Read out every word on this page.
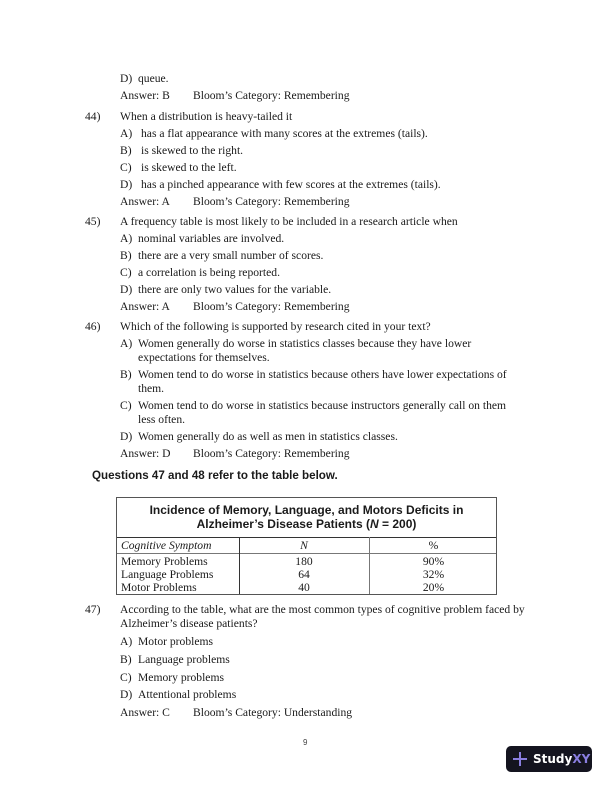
D) queue.
Answer: B Bloom’s Category: Remembering
44) When a distribution is heavy-tailed it
A) has a flat appearance with many scores at the extremes (tails).
B) is skewed to the right.
C) is skewed to the left.
D) has a pinched appearance with few scores at the extremes (tails).
Answer: A Bloom’s Category: Remembering
45) A frequency table is most likely to be included in a research article when
A) nominal variables are involved.
B) there are a very small number of scores.
C) a correlation is being reported.
D) there are only two values for the variable.
Answer: A Bloom’s Category: Remembering
46) Which of the following is supported by research cited in your text?
A) Women generally do worse in statistics classes because they have lower
expectations for themselves.
B) Women tend to do worse in statistics because others have lower expectations of
them.
C) Women tend to do worse in statistics because instructors generally call on them
less often.
D) Women generally do as well as men in statistics classes.
Answer: D Bloom’s Category: Remembering
Questions 47 and 48 refer to the table below.
Incidence of Memory, Language, and Motors Deficits in
Alzheimer’s Disease Patients (N = 200)
Cognitive Symptom	N	%
Memory Problems	180	90%
Language Problems	64	32%
Motor Problems	40	20%
47) According to the table, what are the most common types of cognitive problem faced by
Alzheimer’s disease patients?
A) Motor problems
B) Language problems
C) Memory problems
D) Attentional problems
Answer: C Bloom’s Category: Understanding
9
StudyXY
